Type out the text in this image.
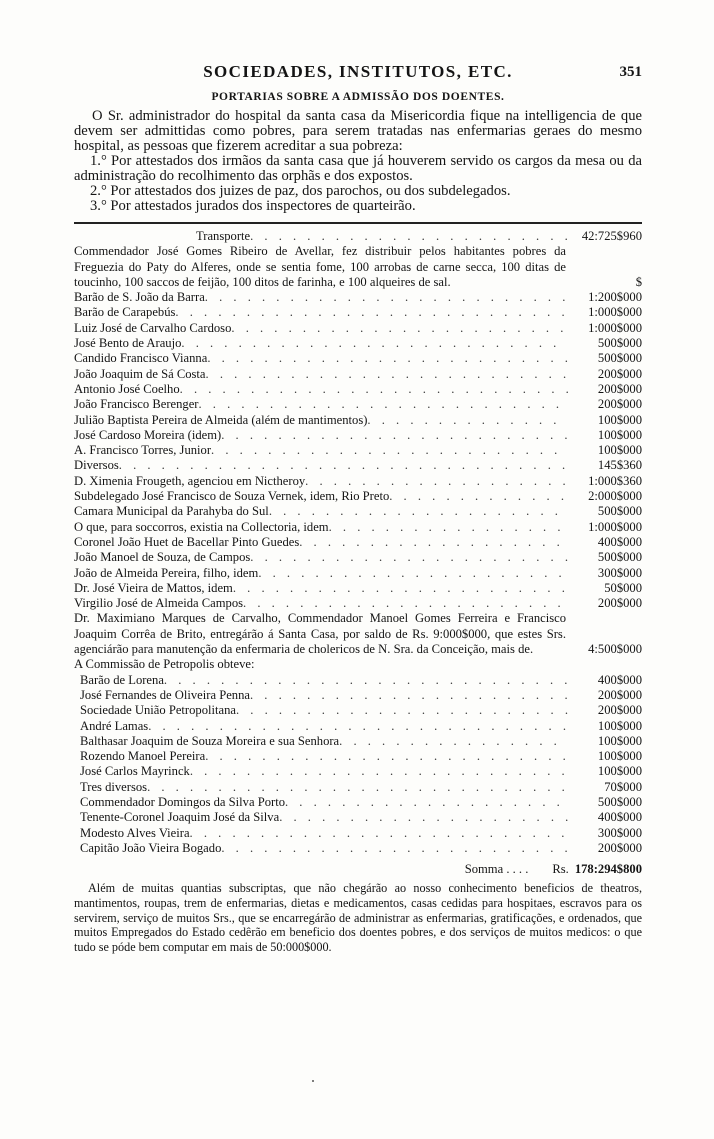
SOCIEDADES, INSTITUTOS, ETC.	351
PORTARIAS SOBRE A ADMISSÃO DOS DOENTES.
O Sr. administrador do hospital da santa casa da Misericordia fique na intelligencia de que devem ser admittidas como pobres, para serem tratadas nas enfermarias geraes do mesmo hospital, as pessoas que fizerem acreditar a sua pobreza:
1.° Por attestados dos irmãos da santa casa que já houverem servido os cargos da mesa ou da administração do recolhimento das orphãs e dos expostos.
2.° Por attestados dos juizes de paz, dos parochos, ou dos subdelegados.
3.° Por attestados jurados dos inspectores de quarteirão.
Transporte . . .	42:725$960
Commendador José Gomes Ribeiro de Avellar, fez distribuir pelos habitantes pobres da Freguezia do Paty do Alferes, onde se sentia fome, 100 arrobas de carne secca, 100 ditas de toucinho, 100 saccos de feijão, 100 ditos de farinha, e 100 alqueires de sal.	$
Barão de S. João da Barra . . .	1:200$000
Barão de Carapebús . . .	1:000$000
Luiz José de Carvalho Cardoso . . .	1:000$000
José Bento de Araujo . . .	500$000
Candido Francisco Vianna . . .	500$000
João Joaquim de Sá Costa . . .	200$000
Antonio José Coelho . . .	200$000
João Francisco Berenger . . .	200$000
Julião Baptista Pereira de Almeida (além de mantimentos) . . .	100$000
José Cardoso Moreira (idem) . . .	100$000
A. Francisco Torres, Junior . . .	100$000
Diversos . . .	145$360
D. Ximenia Frougeth, agenciou em Nictheroy . . .	1:000$360
Subdelegado José Francisco de Souza Vernek, idem, Rio Preto . . .	2:000$000
Camara Municipal da Parahyba do Sul . . .	500$000
O que, para soccorros, existia na Collectoria, idem . . .	1:000$000
Coronel João Huet de Bacellar Pinto Guedes . . .	400$000
João Manoel de Souza, de Campos . . .	500$000
João de Almeida Pereira, filho, idem . . .	300$000
Dr. José Vieira de Mattos, idem . . .	50$000
Virgilio José de Almeida Campos . . .	200$000
Dr. Maximiano Marques de Carvalho, Commendador Manoel Gomes Ferreira e Francisco Joaquim Corrêa de Brito, entregárão á Santa Casa, por saldo de Rs. 9:000$000, que estes Srs. agenciárão para manutenção da enfermaria de cholericos de N. Sra. da Conceição, mais de.	4:500$000
A Commissão de Petropolis obteve:
Barão de Lorena . . .	400$000
José Fernandes de Oliveira Penna . . .	200$000
Sociedade União Petropolitana . . .	200$000
André Lamas . . .	100$000
Balthasar Joaquim de Souza Moreira e sua Senhora . . .	100$000
Rozendo Manoel Pereira . . .	100$000
José Carlos Mayrinck . . .	100$000
Tres diversos . . .	70$000
Commendador Domingos da Silva Porto . . .	500$000
Tenente-Coronel Joaquim José da Silva . . .	400$000
Modesto Alves Vieira . . .	300$000
Capitão João Vieira Bogado . . .	200$000
Somma . . . . Rs. 178:294$800
Além de muitas quantias subscriptas, que não chegárão ao nosso conhecimento beneficios de theatros, mantimentos, roupas, trem de enfermarias, dietas e medicamentos, casas cedidas para hospitaes, escravos para os servirem, serviço de muitos Srs., que se encarregárão de administrar as enfermarias, gratificações, e ordenados, que muitos Empregados do Estado cedêrão em beneficio dos doentes pobres, e dos serviços de muitos medicos: o que tudo se póde bem computar em mais de 50:000$000.
